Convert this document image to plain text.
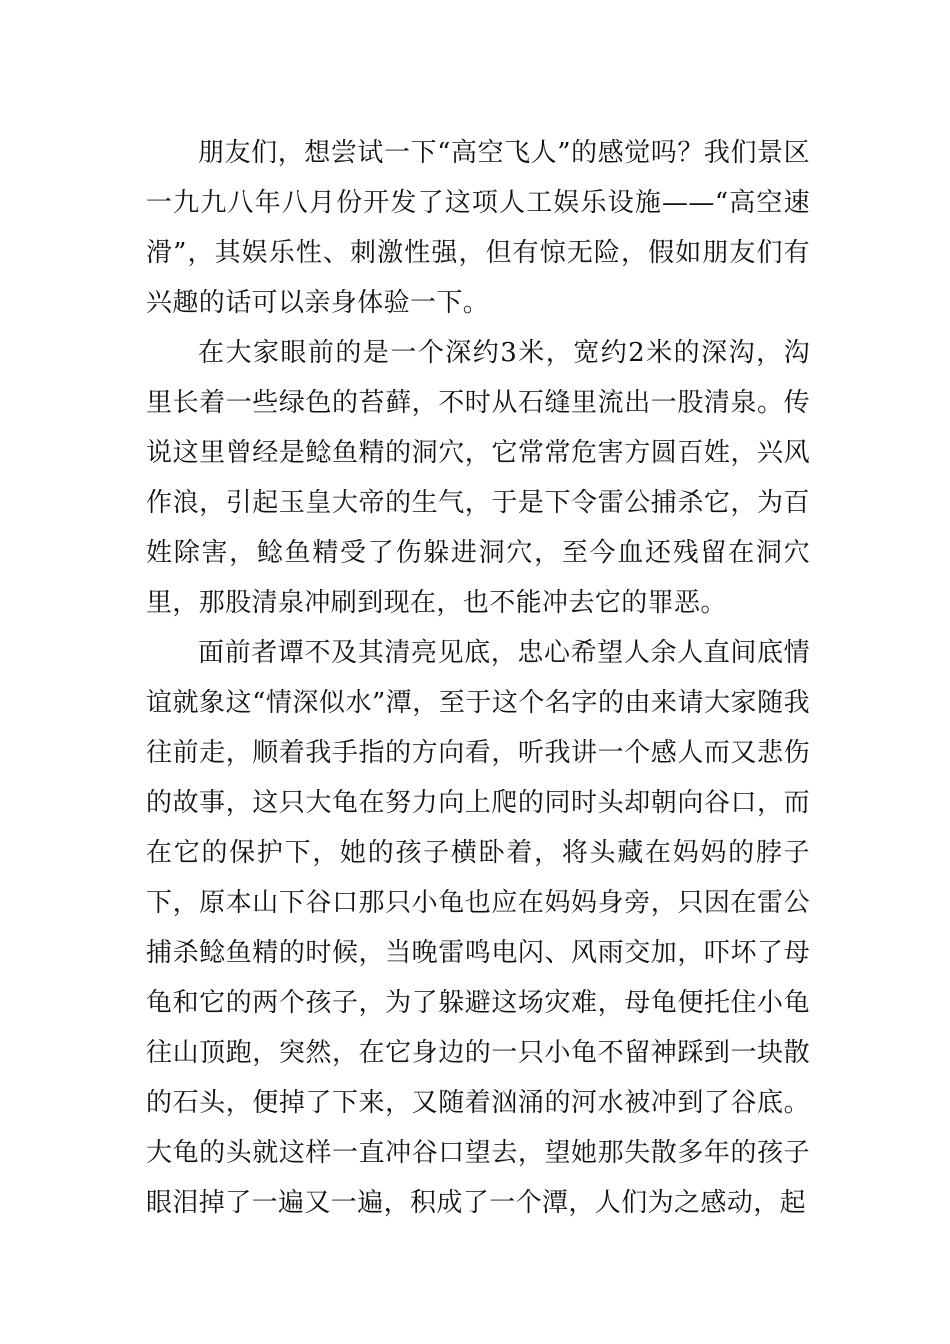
朋友们，想尝试一下“高空飞人”的感觉吗？我们景区一九九八年八月份开发了这项人工娱乐设施——“高空速滑”，其娱乐性、刺激性强，但有惊无险，假如朋友们有兴趣的话可以亲身体验一下。

在大家眼前的是一个深约3米，宽约2米的深沟，沟里长着一些绿色的苔藓，不时从石缝里流出一股清泉。传说这里曾经是鲶鱼精的洞穴，它常常危害方圆百姓，兴风作浪，引起玉皇大帝的生气，于是下令雷公捕杀它，为百姓除害，鲶鱼精受了伤躲进洞穴，至今血还残留在洞穴里，那股清泉冲刷到现在，也不能冲去它的罪恶。

面前者谭不及其清亮见底，忠心希望人余人直间底情谊就象这“情深似水”潭，至于这个名字的由来请大家随我往前走，顺着我手指的方向看，听我讲一个感人而又悲伤的故事，这只大龟在努力向上爬的同时头却朝向谷口，而在它的保护下，她的孩子横卧着，将头藏在妈妈的脖子下，原本山下谷口那只小龟也应在妈妈身旁，只因在雷公捕杀鲶鱼精的时候，当晚雷鸣电闪、风雨交加，吓坏了母龟和它的两个孩子，为了躲避这场灾难，母龟便托住小龟往山顶跑，突然，在它身边的一只小龟不留神踩到一块散的石头，便掉了下来，又随着汹涌的河水被冲到了谷底。大龟的头就这样一直冲谷口望去，望她那失散多年的孩子眼泪掉了一遍又一遍，积成了一个潭，人们为之感动，起
